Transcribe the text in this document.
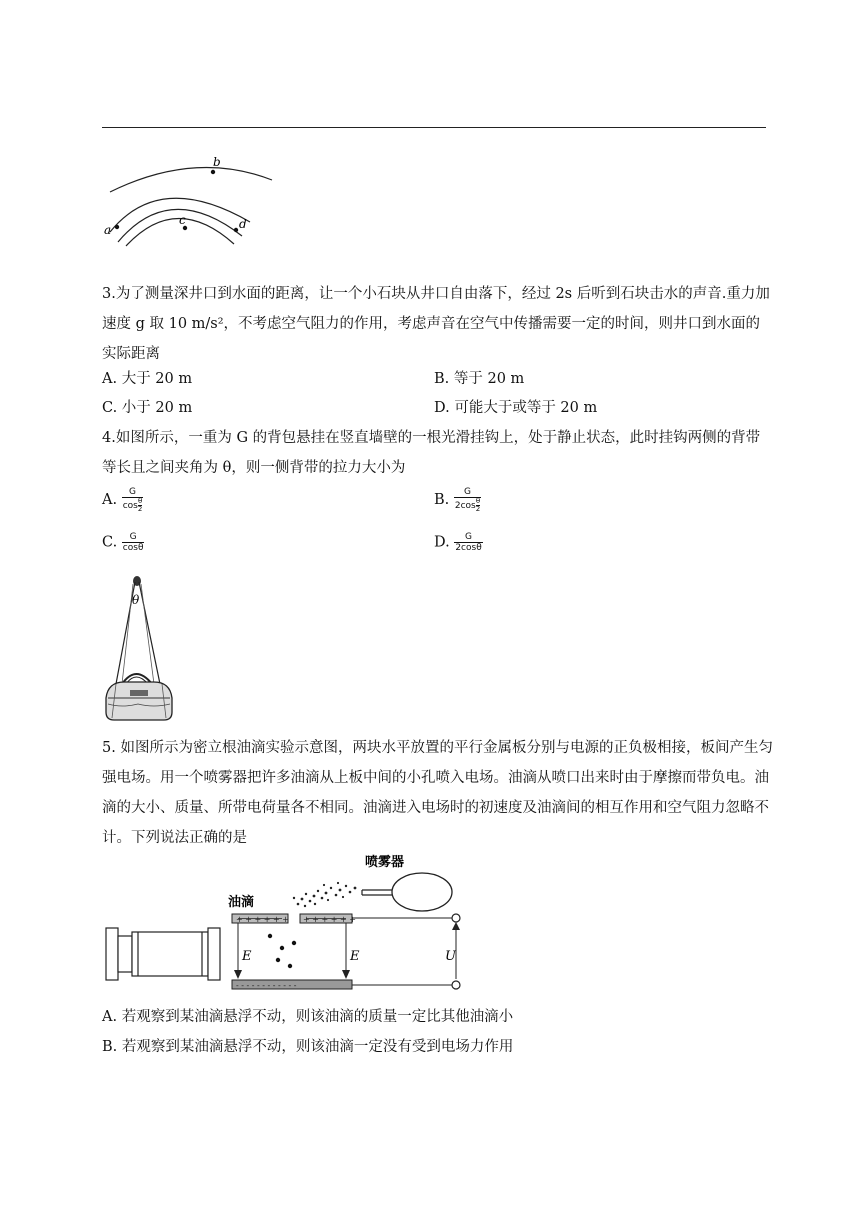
a
b
c	d
3.为了测量深井口到水面的距离，让一个小石块从井口自由落下，经过 2s 后听到石块击水的声音.重力加速度 g 取 10 m/s²，不考虑空气阻力的作用，考虑声音在空气中传播需要一定的时间，则井口到水面的实际距离
A. 大于 20 m	B. 等于 20 m
C. 小于 20 m	D. 可能大于或等于 20 m
4.如图所示，一重为 G 的背包悬挂在竖直墙壁的一根光滑挂钩上，处于静止状态，此时挂钩两侧的背带等长且之间夹角为 θ，则一侧背带的拉力大小为
A. $\frac{G}{\cos \frac{\theta}{2}}$	B. $\frac{G}{2\cos \frac{\theta}{2}}$
C. $\frac{G}{\cos\theta}$	D. $\frac{G}{2\cos\theta}$
θ
5. 如图所示为密立根油滴实验示意图，两块水平放置的平行金属板分别与电源的正负极相接，板间产生匀强电场。用一个喷雾器把许多油滴从上板中间的小孔喷入电场。油滴从喷口出来时由于摩擦而带负电。油滴的大小、质量、所带电荷量各不相同。油滴进入电场时的初速度及油滴间的相互作用和空气阻力忽略不计。下列说法正确的是
喷雾器
油滴
+ + + + + + + + + + + +
- - - - - - - - - - - -
U
E	E
A. 若观察到某油滴悬浮不动，则该油滴的质量一定比其他油滴小
B. 若观察到某油滴悬浮不动，则该油滴一定没有受到电场力作用
